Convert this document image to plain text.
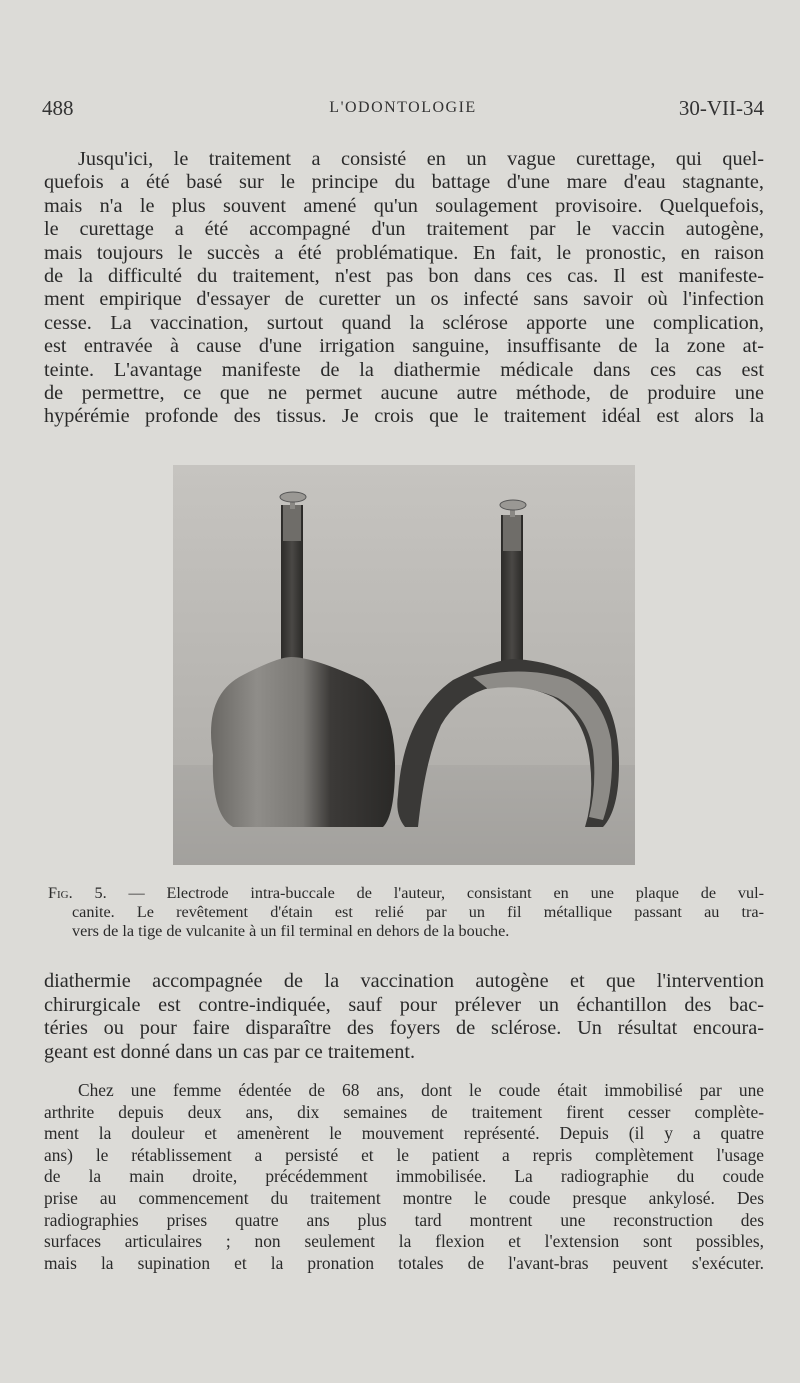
488	L'ODONTOLOGIE	30-VII-34
Jusqu'ici, le traitement a consisté en un vague curettage, qui quel-
quefois a été basé sur le principe du battage d'une mare d'eau stagnante,
mais n'a le plus souvent amené qu'un soulagement provisoire. Quelquefois,
le curettage a été accompagné d'un traitement par le vaccin autogène,
mais toujours le succès a été problématique. En fait, le pronostic, en raison
de la difficulté du traitement, n'est pas bon dans ces cas. Il est manifeste-
ment empirique d'essayer de curetter un os infecté sans savoir où l'infection
cesse. La vaccination, surtout quand la sclérose apporte une complication,
est entravée à cause d'une irrigation sanguine, insuffisante de la zone at-
teinte. L'avantage manifeste de la diathermie médicale dans ces cas est
de permettre, ce que ne permet aucune autre méthode, de produire une
hypérémie profonde des tissus. Je crois que le traitement idéal est alors la
Fig. 5. — Electrode intra-buccale de l'auteur, consistant en une plaque de vul-
canite. Le revêtement d'étain est relié par un fil métallique passant au tra-
vers de la tige de vulcanite à un fil terminal en dehors de la bouche.
diathermie accompagnée de la vaccination autogène et que l'intervention
chirurgicale est contre-indiquée, sauf pour prélever un échantillon des bac-
téries ou pour faire disparaître des foyers de sclérose. Un résultat encoura-
geant est donné dans un cas par ce traitement.
Chez une femme édentée de 68 ans, dont le coude était immobilisé par une
arthrite depuis deux ans, dix semaines de traitement firent cesser complète-
ment la douleur et amenèrent le mouvement représenté. Depuis (il y a quatre
ans) le rétablissement a persisté et le patient a repris complètement l'usage
de la main droite, précédemment immobilisée. La radiographie du coude
prise au commencement du traitement montre le coude presque ankylosé. Des
radiographies prises quatre ans plus tard montrent une reconstruction des
surfaces articulaires ; non seulement la flexion et l'extension sont possibles,
mais la supination et la pronation totales de l'avant-bras peuvent s'exécuter.
